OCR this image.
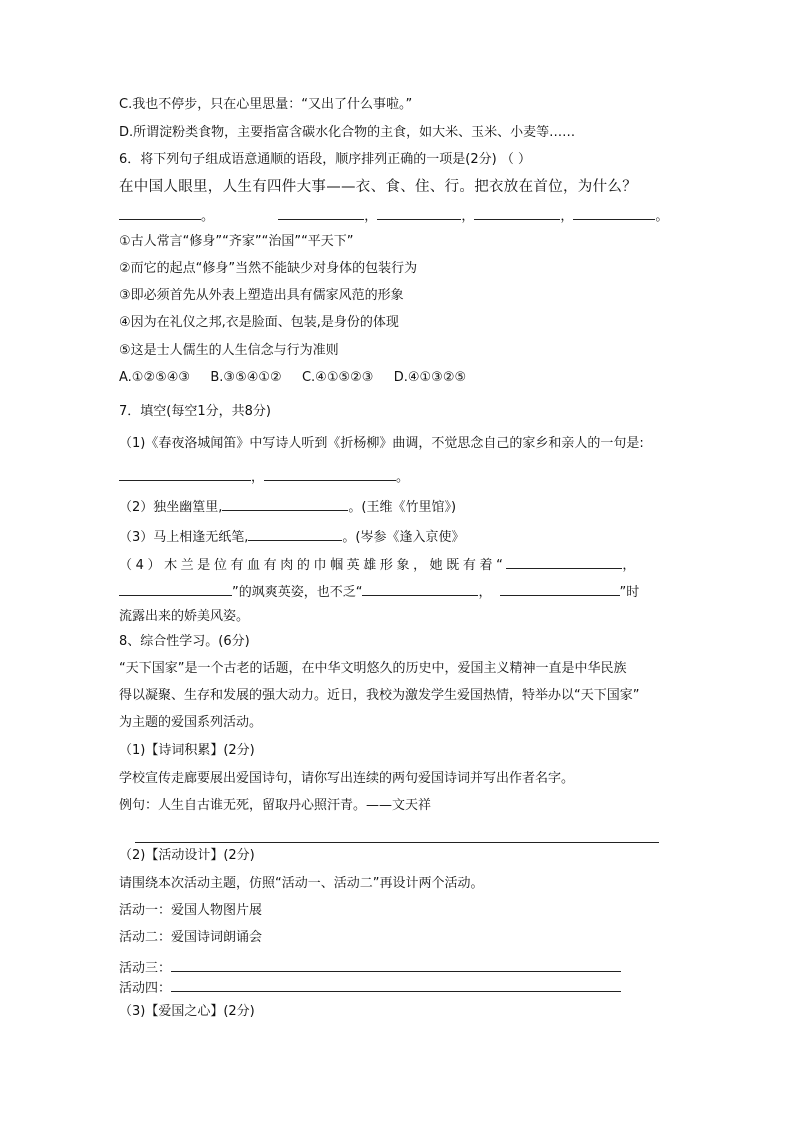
C.我也不停步，只在心里思量：“又出了什么事啦。”
D.所谓淀粉类食物，主要指富含碳水化合物的主食，如大米、玉米、小麦等……
6．将下列句子组成语意通顺的语段，顺序排列正确的一项是(2分) （ ）
在中国人眼里，人生有四件大事——衣、食、住、行。把衣放在首位，为什么？
。	，	，	，	。
①古人常言“修身”“齐家”“治国”“平天下”
②而它的起点“修身”当然不能缺少对身体的包装行为
③即必须首先从外表上塑造出具有儒家风范的形象
④因为在礼仪之邦,衣是脸面、包装,是身份的体现
⑤这是士人儒生的人生信念与行为准则
A.①②⑤④③ B.③⑤④①② C.④①⑤②③ D.④①③②⑤
7．填空(每空1分，共8分)
（1)《春夜洛城闻笛》中写诗人听到《折杨柳》曲调，不觉思念自己的家乡和亲人的一句是:
，	。
（2）独坐幽篁里,	。(王维《竹里馆》)
（3）马上相逢无纸笔,	。(岑参《逢入京使》
（4）木兰是位有血有肉的巾帼英雄形象，她既有着“	，
”的飒爽英姿，也不乏“	，	”时
流露出来的娇美风姿。
8、综合性学习。(6分)
“天下国家”是一个古老的话题，在中华文明悠久的历史中，爱国主义精神一直是中华民族
得以凝聚、生存和发展的强大动力。近日，我校为激发学生爱国热情，特举办以“天下国家”
为主题的爱国系列活动。
（1)【诗词积累】(2分)
学校宣传走廊要展出爱国诗句，请你写出连续的两句爱国诗词并写出作者名字。
例句：人生自古谁无死，留取丹心照汗青。——文天祥
（2)【活动设计】(2分)
请围绕本次活动主题，仿照“活动一、活动二”再设计两个活动。
活动一：爱国人物图片展
活动二：爱国诗词朗诵会
活动三：
活动四：
（3)【爱国之心】(2分)
